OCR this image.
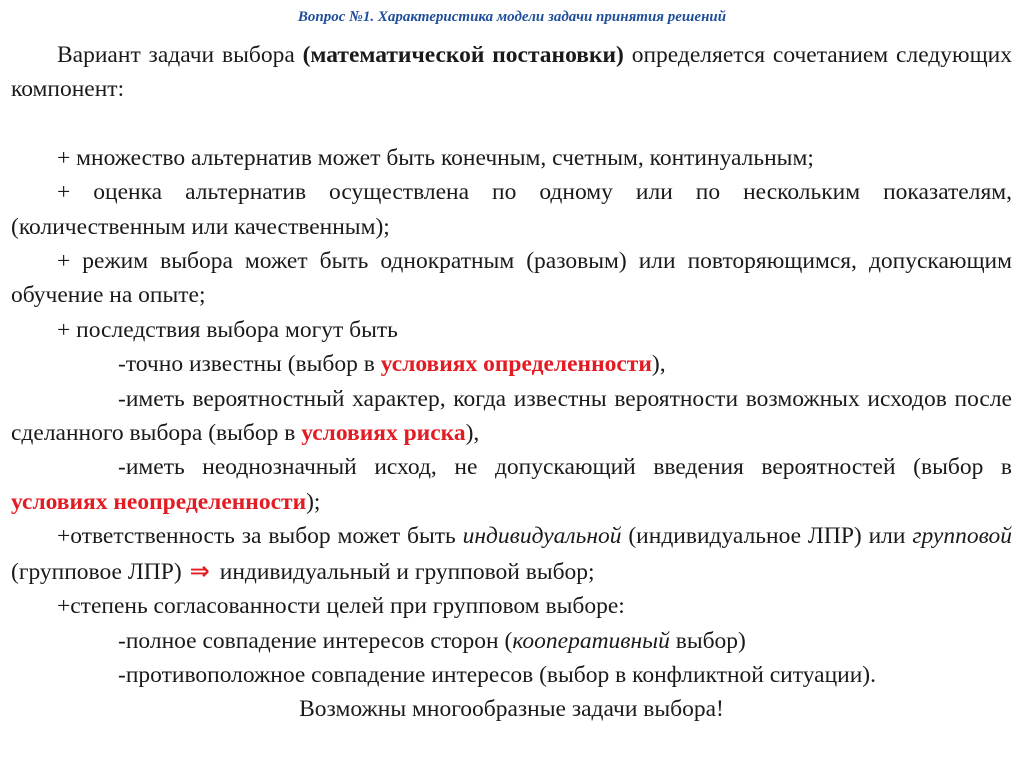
Вопрос №1. Характеристика модели задачи принятия решений

Вариант задачи выбора (математической постановки) определяется сочетанием следующих компонент:

+ множество альтернатив может быть конечным, счетным, континуальным;

+ оценка альтернатив осуществлена по одному или по нескольким показателям, (количественным или качественным);

+ режим выбора может быть однократным (разовым) или повторяющимся, допускающим обучение на опыте;

+ последствия выбора могут быть

-точно известны (выбор в условиях определенности),

-иметь вероятностный характер, когда известны вероятности возможных исходов после сделанного выбора (выбор в условиях риска),

-иметь неоднозначный исход, не допускающий введения вероятностей (выбор в условиях неопределенности);

+ответственность за выбор может быть индивидуальной (индивидуальное ЛПР) или групповой (групповое ЛПР) ⇒ индивидуальный и групповой выбор;

+степень согласованности целей при групповом выборе:

-полное совпадение интересов сторон (кооперативный выбор)

-противоположное совпадение интересов (выбор в конфликтной ситуации).

Возможны многообразные задачи выбора!
